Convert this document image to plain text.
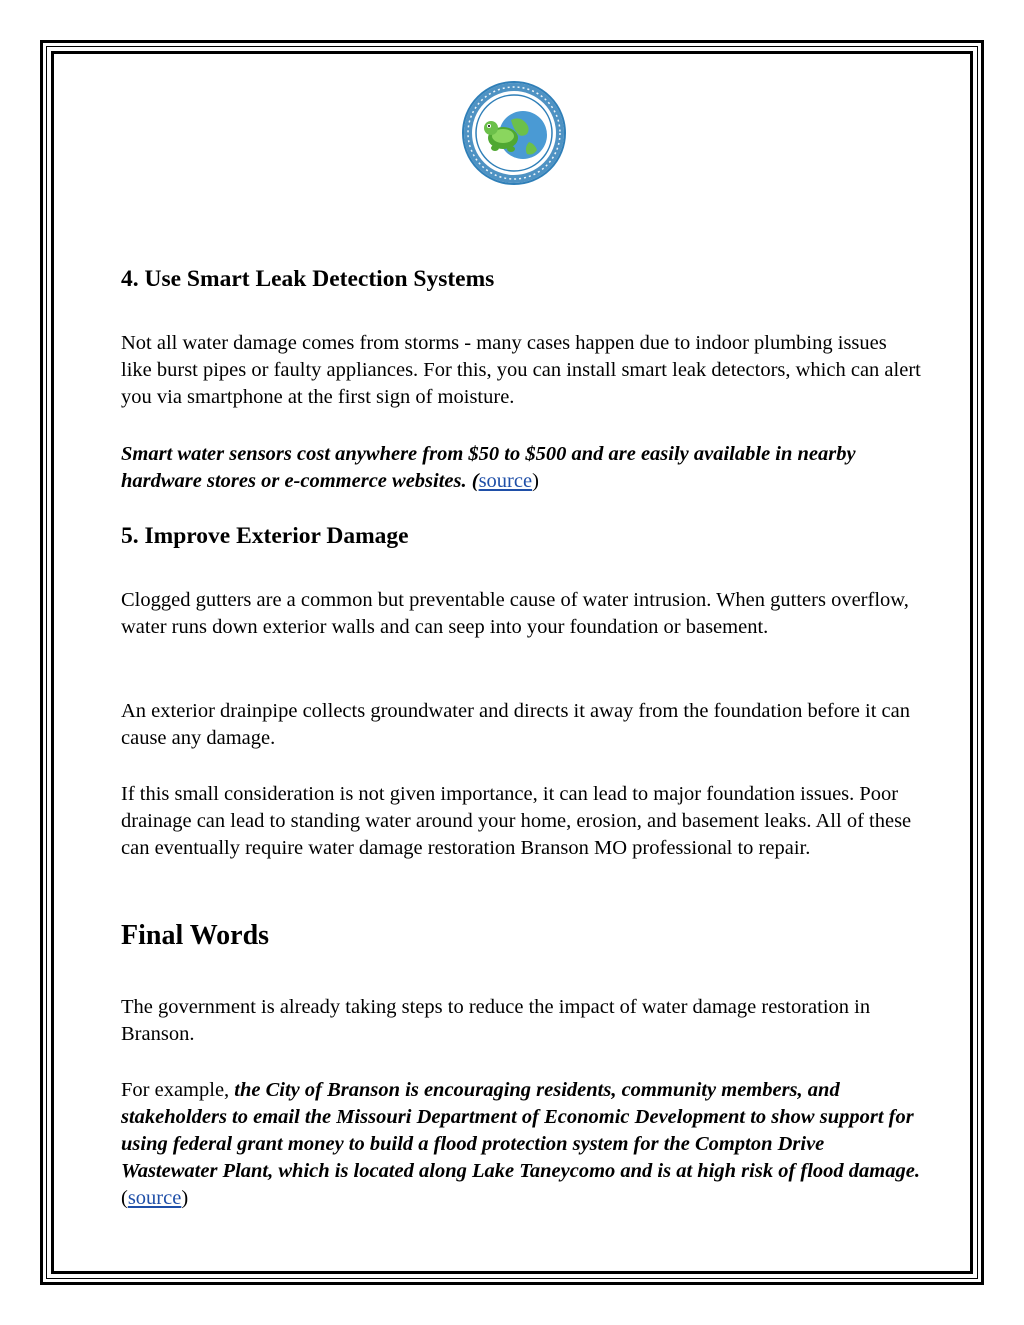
4. Use Smart Leak Detection Systems

Not all water damage comes from storms - many cases happen due to indoor plumbing issues like burst pipes or faulty appliances. For this, you can install smart leak detectors, which can alert you via smartphone at the first sign of moisture.

Smart water sensors cost anywhere from $50 to $500 and are easily available in nearby hardware stores or e-commerce websites. (source)

5. Improve Exterior Damage

Clogged gutters are a common but preventable cause of water intrusion. When gutters overflow, water runs down exterior walls and can seep into your foundation or basement.

An exterior drainpipe collects groundwater and directs it away from the foundation before it can cause any damage.

If this small consideration is not given importance, it can lead to major foundation issues. Poor drainage can lead to standing water around your home, erosion, and basement leaks. All of these can eventually require water damage restoration Branson MO professional to repair.

Final Words

The government is already taking steps to reduce the impact of water damage restoration in Branson.

For example, the City of Branson is encouraging residents, community members, and stakeholders to email the Missouri Department of Economic Development to show support for using federal grant money to build a flood protection system for the Compton Drive Wastewater Plant, which is located along Lake Taneycomo and is at high risk of flood damage. (source)
